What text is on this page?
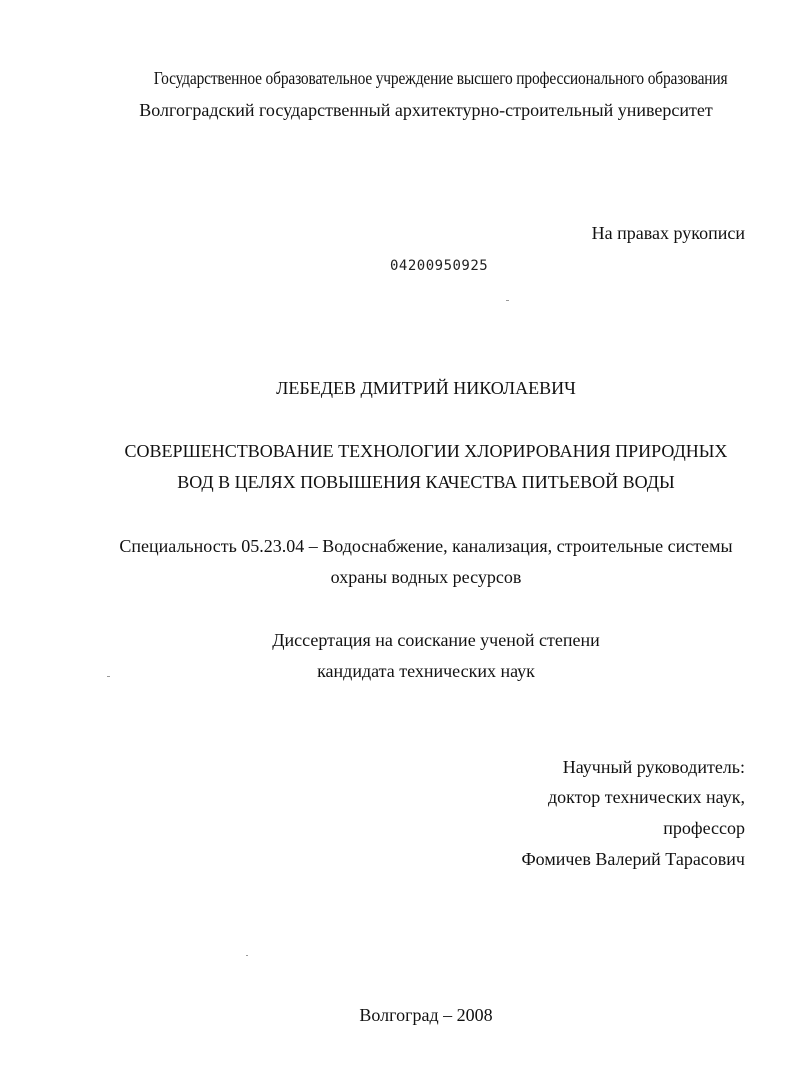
Государственное образовательное учреждение высшего профессионального образования
Волгоградский государственный архитектурно-строительный университет
На правах рукописи
04200950925
ЛЕБЕДЕВ ДМИТРИЙ НИКОЛАЕВИЧ
СОВЕРШЕНСТВОВАНИЕ ТЕХНОЛОГИИ ХЛОРИРОВАНИЯ ПРИРОДНЫХ
ВОД В ЦЕЛЯХ ПОВЫШЕНИЯ КАЧЕСТВА ПИТЬЕВОЙ ВОДЫ
Специальность 05.23.04 – Водоснабжение, канализация, строительные системы
охраны водных ресурсов
Диссертация на соискание ученой степени
кандидата технических наук
Научный руководитель:
доктор технических наук,
профессор
Фомичев Валерий Тарасович
Волгоград – 2008
